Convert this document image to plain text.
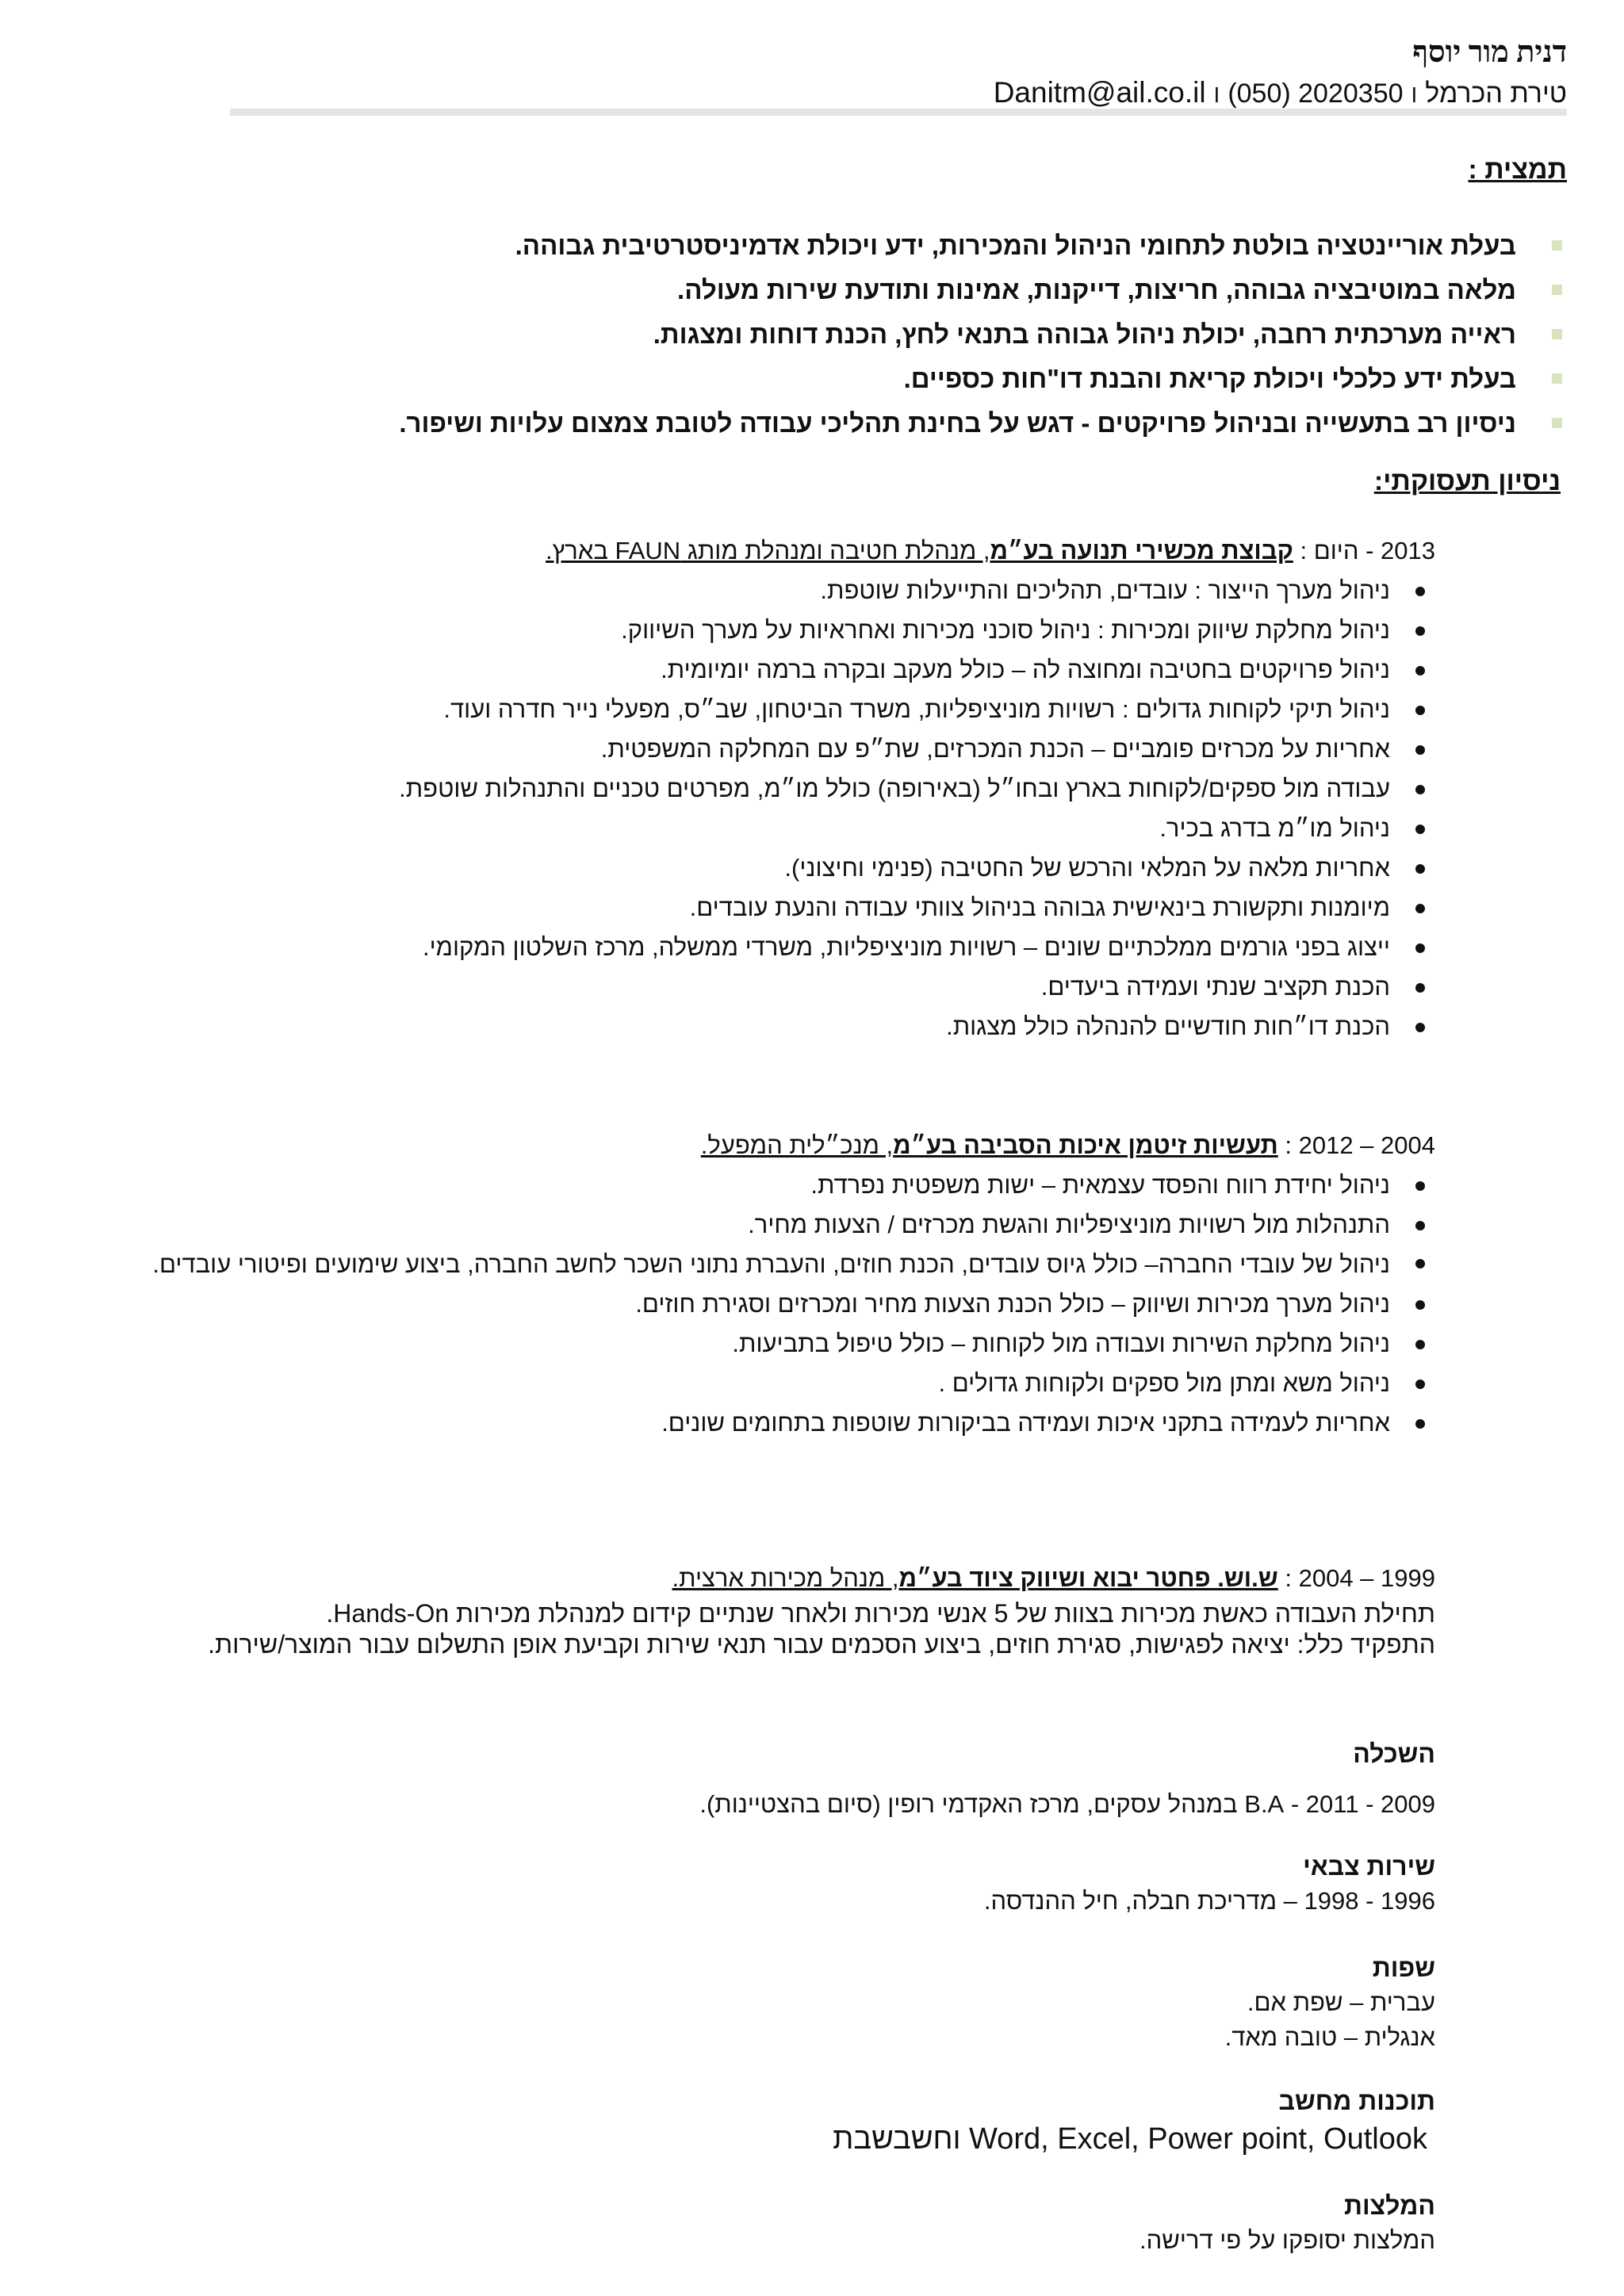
דנית מור יוסף
טירת הכרמלI (050) 2020350 IDanitm@ail.co.il
תמצית :
בעלת אוריינטציה בולטת לתחומי הניהול והמכירות, ידע ויכולת אדמיניסטרטיבית גבוהה.
מלאה במוטיבציה גבוהה, חריצות, דייקנות, אמינות ותודעת שירות מעולה.
ראייה מערכתית רחבה, יכולת ניהול גבוהה בתנאי לחץ, הכנת דוחות ומצגות.
בעלת ידע כלכלי ויכולת קריאת והבנת דו"חות כספיים.
ניסיון רב בתעשייה ובניהול פרויקטים - דגש על בחינת תהליכי עבודה לטובת צמצום עלויות ושיפור.
ניסיון תעסוקתי:
2013 - היום : קבוצת מכשירי תנועה בע״מ, מנהלת חטיבה ומנהלת מותג FAUN בארץ.
ניהול מערך הייצור : עובדים, תהליכים והתייעלות שוטפת.
ניהול מחלקת שיווק ומכירות : ניהול סוכני מכירות ואחראיות על מערך השיווק.
ניהול פרויקטים בחטיבה ומחוצה לה – כולל מעקב ובקרה ברמה יומיומית.
ניהול תיקי לקוחות גדולים : רשויות מוניציפליות, משרד הביטחון, שב״ס, מפעלי נייר חדרה ועוד.
אחריות על מכרזים פומביים – הכנת המכרזים, שת״פ עם המחלקה המשפטית.
עבודה מול ספקים/לקוחות בארץ ובחו״ל (באירופה) כולל מו״מ, מפרטים טכניים והתנהלות שוטפת.
ניהול מו״מ בדרג בכיר.
אחריות מלאה על המלאי והרכש של החטיבה (פנימי וחיצוני).
מיומנות ותקשורת בינאישית גבוהה בניהול צוותי עבודה והנעת עובדים.
ייצוג בפני גורמים ממלכתיים שונים – רשויות מוניציפליות, משרדי ממשלה, מרכז השלטון המקומי.
הכנת תקציב שנתי ועמידה ביעדים.
הכנת דו״חות חודשיים להנהלה כולל מצגות.
2004 – 2012 : תעשיות זיטמן איכות הסביבה בע״מ, מנכ״לית המפעל.
ניהול יחידת רווח והפסד עצמאית – ישות משפטית נפרדת.
התנהלות מול רשויות מוניציפליות והגשת מכרזים / הצעות מחיר.
ניהול של עובדי החברה– כולל גיוס עובדים, הכנת חוזים, והעברת נתוני השכר לחשב החברה, ביצוע שימועים ופיטורי עובדים.
ניהול מערך מכירות ושיווק – כולל הכנת הצעות מחיר ומכרזים וסגירת חוזים.
ניהול מחלקת השירות ועבודה מול לקוחות – כולל טיפול בתביעות.
ניהול משא ומתן מול ספקים ולקוחות גדולים .
אחריות לעמידה בתקני איכות ועמידה בביקורות שוטפות בתחומים שונים.
1999 – 2004 : ש.וש. פחטר יבוא ושיווק ציוד בע״מ, מנהל מכירות ארצית.
תחילת העבודה כאשת מכירות בצוות של 5 אנשי מכירות ולאחר שנתיים קידום למנהלת מכירות Hands-On.
התפקיד כלל: יציאה לפגישות, סגירת חוזים, ביצוע הסכמים עבור תנאי שירות וקביעת אופן התשלום עבור המוצר/שירות.
השכלה
2009 - 2011 - B.A במנהל עסקים, מרכז האקדמי רופין (סיום בהצטיינות).
שירות צבאי
1996 - 1998 – מדריכת חבלה, חיל ההנדסה.
שפות
עברית – שפת אם.
אנגלית – טובה מאד.
תוכנות מחשב
Word, Excel, Power point, Outlook וחשבשבת
המלצות
המלצות יסופקו על פי דרישה.
